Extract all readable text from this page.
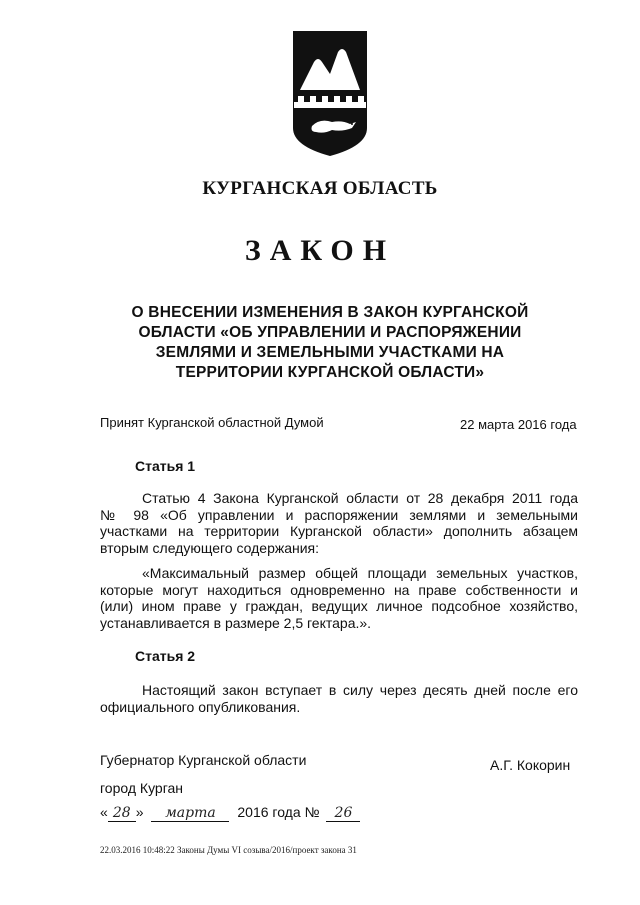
КУРГАНСКАЯ ОБЛАСТЬ
ЗАКОН
О ВНЕСЕНИИ ИЗМЕНЕНИЯ В ЗАКОН КУРГАНСКОЙ
ОБЛАСТИ «ОБ УПРАВЛЕНИИ И РАСПОРЯЖЕНИИ
ЗЕМЛЯМИ И ЗЕМЕЛЬНЫМИ УЧАСТКАМИ НА
ТЕРРИТОРИИ КУРГАНСКОЙ ОБЛАСТИ»
Принят Курганской областной Думой	22 марта 2016 года
Статья 1
Статью 4 Закона Курганской области от 28 декабря 2011 года
№ 98 «Об управлении и распоряжении землями и земельными
участками на территории Курганской области» дополнить абзацем
вторым следующего содержания:
«Максимальный размер общей площади земельных участков,
которые могут находиться одновременно на праве собственности и
(или) ином праве у граждан, ведущих личное подсобное хозяйство,
устанавливается в размере 2,5 гектара.».
Статья 2
Настоящий закон вступает в силу через десять дней после его
официального опубликования.
Губернатор Курганской области	А.Г. Кокорин
город Курган
« 28 » марта 2016 года № 26
22.03.2016 10:48:22 Законы Думы VI созыва/2016/проект закона 31
